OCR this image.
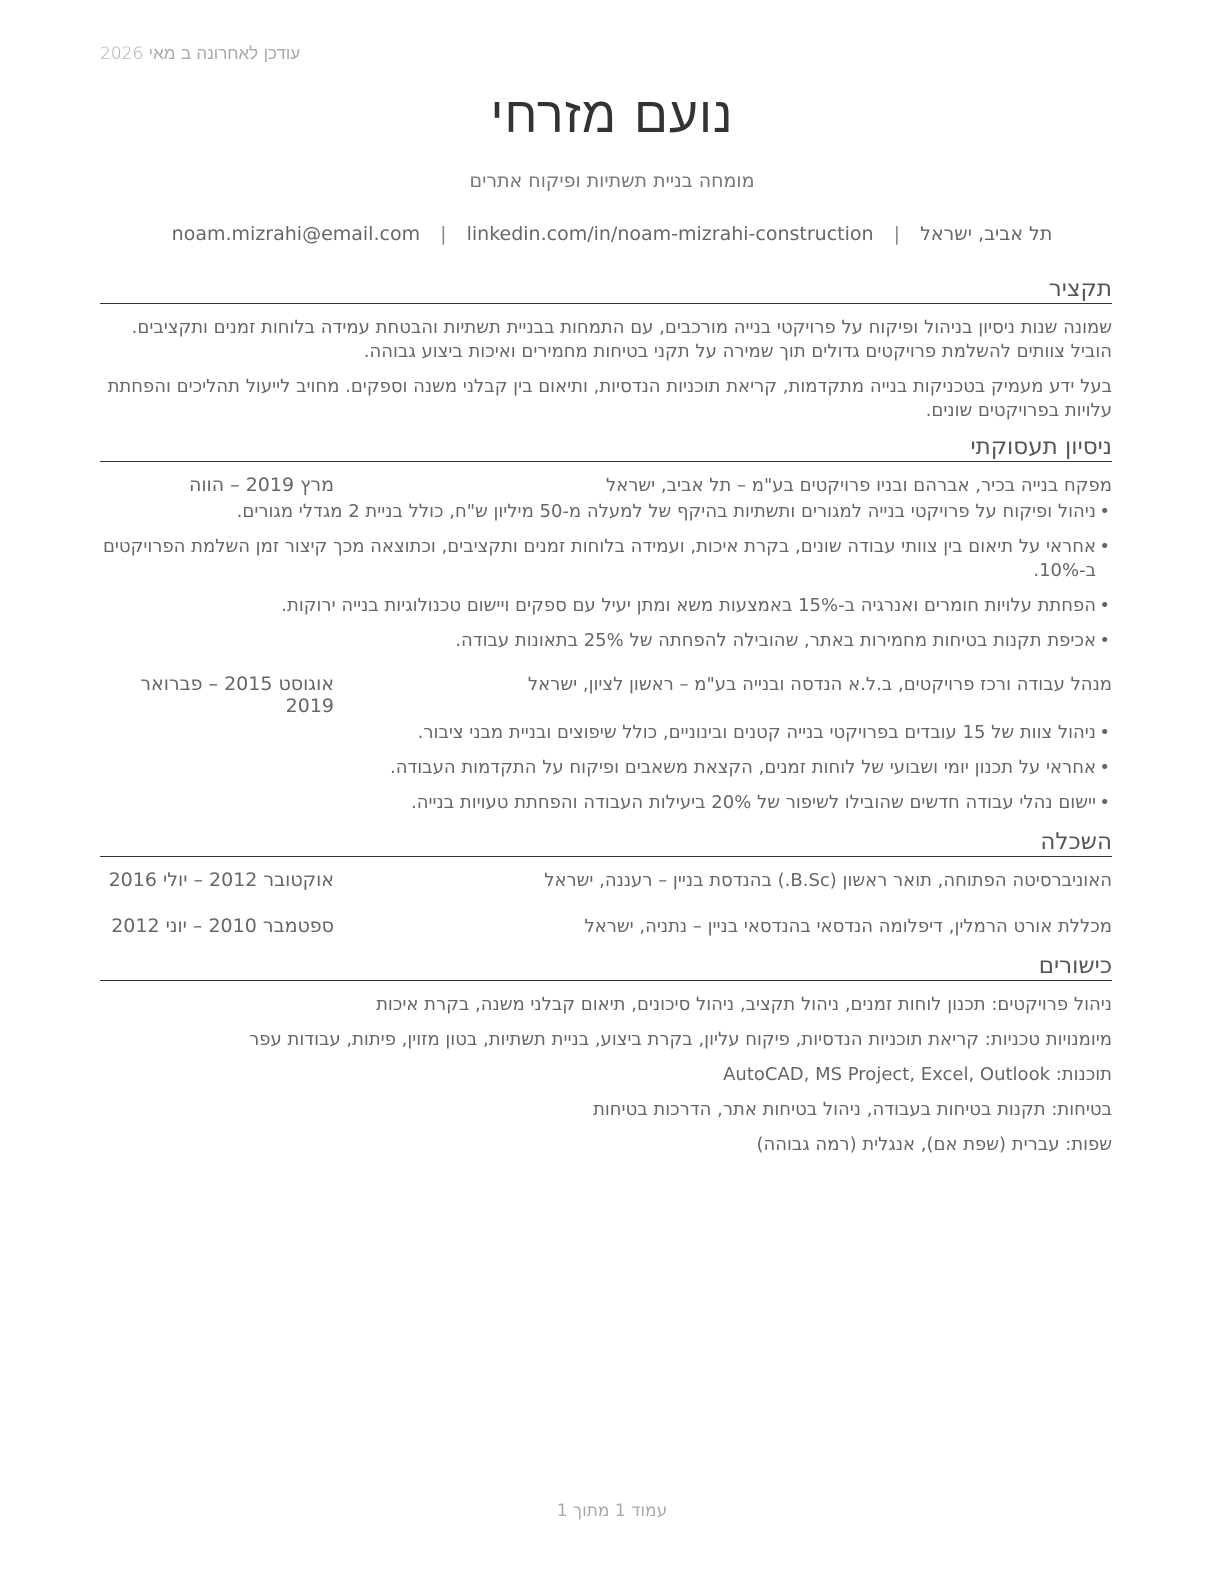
עודכן לאחרונה ב מאי 2026
נועם מזרחי
מומחה בניית תשתיות ופיקוח אתרים
תל אביב, ישראל | noam.mizrahi@email.com | linkedin.com/in/noam-mizrahi-construction
תקציר

שמונה שנות ניסיון בניהול ופיקוח על פרויקטי בנייה מורכבים, עם התמחות בבניית תשתיות והבטחת עמידה בלוחות זמנים ותקציבים. הוביל צוותים להשלמת פרויקטים גדולים תוך שמירה על תקני בטיחות מחמירים ואיכות ביצוע גבוהה.

בעל ידע מעמיק בטכניקות בנייה מתקדמות, קריאת תוכניות הנדסיות, ותיאום בין קבלני משנה וספקים. מחויב לייעול תהליכים והפחתת עלויות בפרויקטים שונים.

ניסיון תעסוקתי
מפקח בנייה בכיר, אברהם ובניו פרויקטים בע"מ – תל אביב, ישראל
מרץ 2019 – הווה
• ניהול ופיקוח על פרויקטי בנייה למגורים ותשתיות בהיקף של למעלה מ-50 מיליון ש"ח, כולל בניית 2 מגדלי מגורים.
• אחראי על תיאום בין צוותי עבודה שונים, בקרת איכות, ועמידה בלוחות זמנים ותקציבים, וכתוצאה מכך קיצור זמן השלמת הפרויקטים ב-10%.
• הפחתת עלויות חומרים ואנרגיה ב-15% באמצעות משא ומתן יעיל עם ספקים ויישום טכנולוגיות בנייה ירוקות.
• אכיפת תקנות בטיחות מחמירות באתר, שהובילה להפחתה של 25% בתאונות עבודה.
מנהל עבודה ורכז פרויקטים, ב.ל.א הנדסה ובנייה בע"מ – ראשון לציון, ישראל
אוגוסט 2015 – פברואר 2019
• ניהול צוות של 15 עובדים בפרויקטי בנייה קטנים ובינוניים, כולל שיפוצים ובניית מבני ציבור.
• אחראי על תכנון יומי ושבועי של לוחות זמנים, הקצאת משאבים ופיקוח על התקדמות העבודה.
• יישום נהלי עבודה חדשים שהובילו לשיפור של 20% ביעילות העבודה והפחתת טעויות בנייה.
השכלה
האוניברסיטה הפתוחה, תואר ראשון (B.Sc.) בהנדסת בניין – רעננה, ישראל
אוקטובר 2012 – יולי 2016
מכללת אורט הרמלין, דיפלומה הנדסאי בהנדסאי בניין – נתניה, ישראל
ספטמבר 2010 – יוני 2012
כישורים

ניהול פרויקטים: תכנון לוחות זמנים, ניהול תקציב, ניהול סיכונים, תיאום קבלני משנה, בקרת איכות

מיומנויות טכניות: קריאת תוכניות הנדסיות, פיקוח עליון, בקרת ביצוע, בניית תשתיות, בטון מזוין, פיתות, עבודות עפר

תוכנות: AutoCAD, MS Project, Excel, Outlook

בטיחות: תקנות בטיחות בעבודה, ניהול בטיחות אתר, הדרכות בטיחות

שפות: עברית (שפת אם), אנגלית (רמה גבוהה)

עמוד 1 מתוך 1
